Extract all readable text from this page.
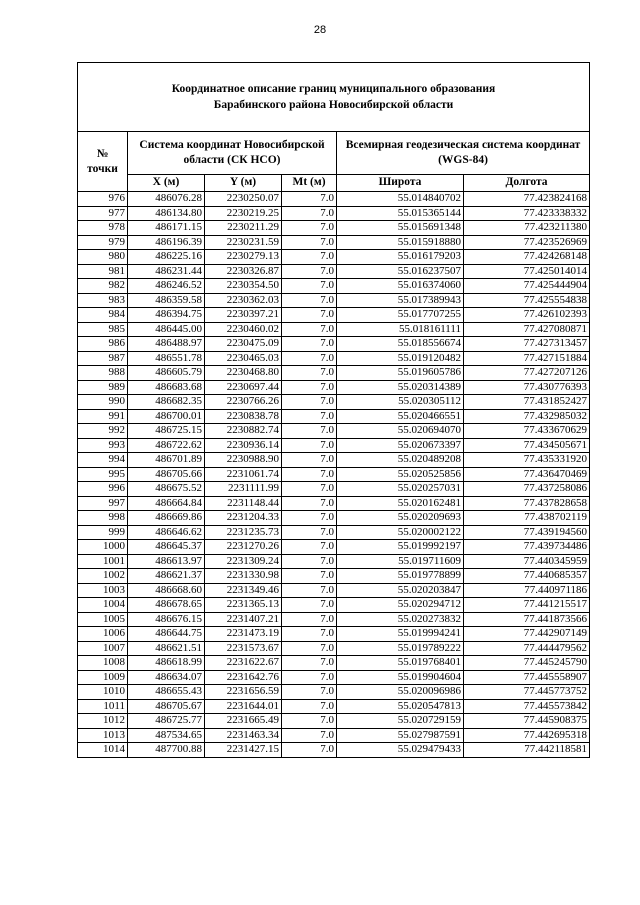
28
Координатное описание границ муниципального образования
Барабинского района Новосибирской области					

№ точки	Система координат Новосибирской области (СК НСО)			Всемирная геодезическая система координат (WGS-84)	
	X (м)	Y (м)	Mt (м)	Широта	Долгота
976	486076.28	2230250.07	7.0	55.014840702	77.423824168
977	486134.80	2230219.25	7.0	55.015365144	77.423338332
978	486171.15	2230211.29	7.0	55.015691348	77.423211380
979	486196.39	2230231.59	7.0	55.015918880	77.423526969
980	486225.16	2230279.13	7.0	55.016179203	77.424268148
981	486231.44	2230326.87	7.0	55.016237507	77.425014014
982	486246.52	2230354.50	7.0	55.016374060	77.425444904
983	486359.58	2230362.03	7.0	55.017389943	77.425554838
984	486394.75	2230397.21	7.0	55.017707255	77.426102393
985	486445.00	2230460.02	7.0	55.018161111	77.427080871
986	486488.97	2230475.09	7.0	55.018556674	77.427313457
987	486551.78	2230465.03	7.0	55.019120482	77.427151884
988	486605.79	2230468.80	7.0	55.019605786	77.427207126
989	486683.68	2230697.44	7.0	55.020314389	77.430776393
990	486682.35	2230766.26	7.0	55.020305112	77.431852427
991	486700.01	2230838.78	7.0	55.020466551	77.432985032
992	486725.15	2230882.74	7.0	55.020694070	77.433670629
993	486722.62	2230936.14	7.0	55.020673397	77.434505671
994	486701.89	2230988.90	7.0	55.020489208	77.435331920
995	486705.66	2231061.74	7.0	55.020525856	77.436470469
996	486675.52	2231111.99	7.0	55.020257031	77.437258086
997	486664.84	2231148.44	7.0	55.020162481	77.437828658
998	486669.86	2231204.33	7.0	55.020209693	77.438702119
999	486646.62	2231235.73	7.0	55.020002122	77.439194560
1000	486645.37	2231270.26	7.0	55.019992197	77.439734486
1001	486613.97	2231309.24	7.0	55.019711609	77.440345959
1002	486621.37	2231330.98	7.0	55.019778899	77.440685357
1003	486668.60	2231349.46	7.0	55.020203847	77.440971186
1004	486678.65	2231365.13	7.0	55.020294712	77.441215517
1005	486676.15	2231407.21	7.0	55.020273832	77.441873566
1006	486644.75	2231473.19	7.0	55.019994241	77.442907149
1007	486621.51	2231573.67	7.0	55.019789222	77.444479562
1008	486618.99	2231622.67	7.0	55.019768401	77.445245790
1009	486634.07	2231642.76	7.0	55.019904604	77.445558907
1010	486655.43	2231656.59	7.0	55.020096986	77.445773752
1011	486705.67	2231644.01	7.0	55.020547813	77.445573842
1012	486725.77	2231665.49	7.0	55.020729159	77.445908375
1013	487534.65	2231463.34	7.0	55.027987591	77.442695318
1014	487700.88	2231427.15	7.0	55.029479433	77.442118581
